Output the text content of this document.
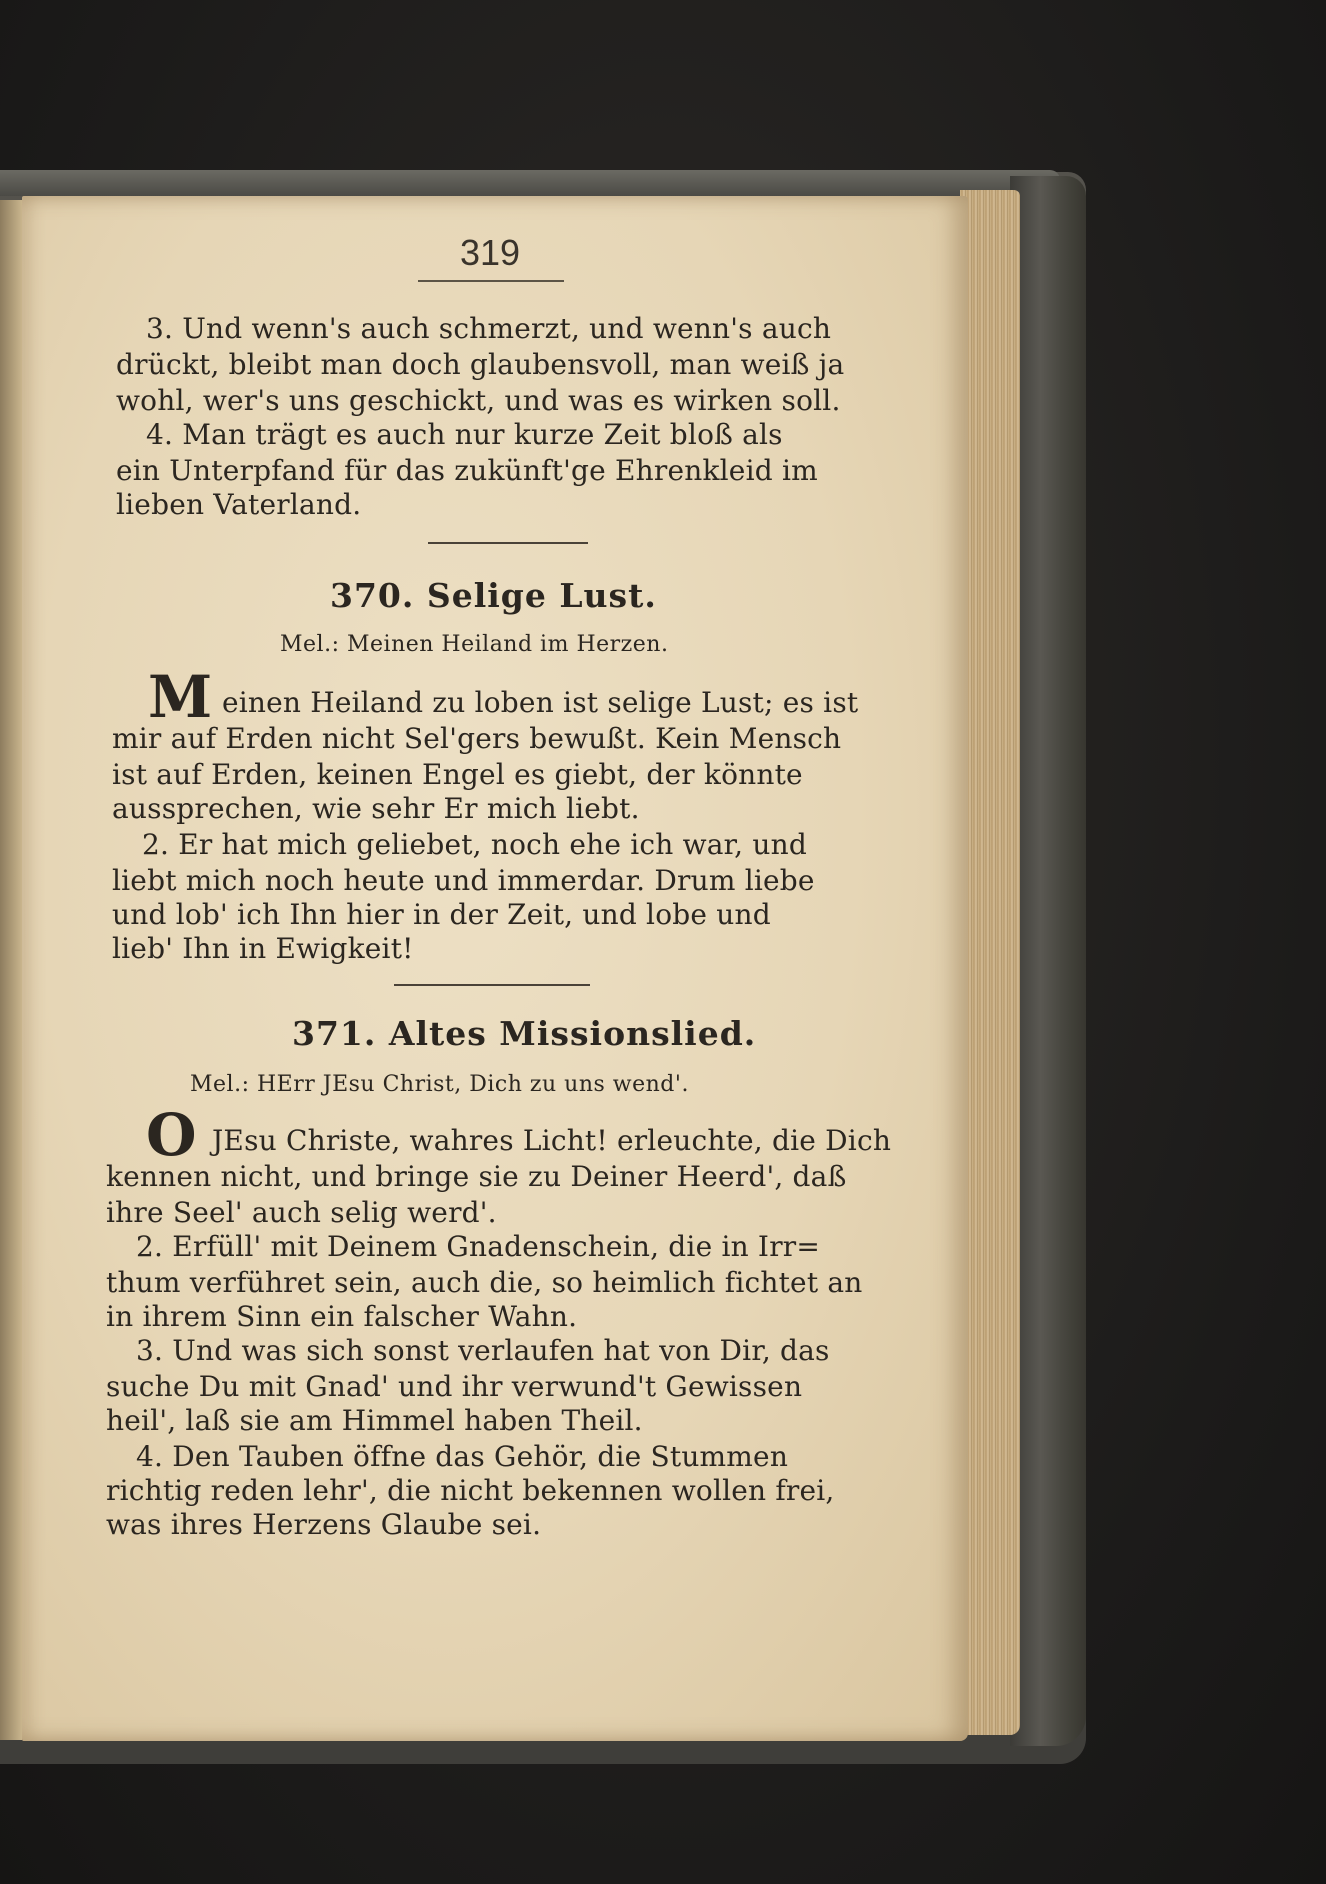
319
3. Und wenn's auch schmerzt, und wenn's auch
drückt, bleibt man doch glaubensvoll, man weiß ja
wohl, wer's uns geschickt, und was es wirken soll.
4. Man trägt es auch nur kurze Zeit bloß als
ein Unterpfand für das zukünft'ge Ehrenkleid im
lieben Vaterland.
370. Selige Lust.
Mel.: Meinen Heiland im Herzen.
M einen Heiland zu loben ist selige Lust; es ist
mir auf Erden nicht Sel'gers bewußt. Kein Mensch
ist auf Erden, keinen Engel es giebt, der könnte
aussprechen, wie sehr Er mich liebt.
2. Er hat mich geliebet, noch ehe ich war, und
liebt mich noch heute und immerdar. Drum liebe
und lob' ich Ihn hier in der Zeit, und lobe und
lieb' Ihn in Ewigkeit!
371. Altes Missionslied.
Mel.: HErr JEsu Christ, Dich zu uns wend'.
O JEsu Christe, wahres Licht! erleuchte, die Dich
kennen nicht, und bringe sie zu Deiner Heerd', daß
ihre Seel' auch selig werd'.
2. Erfüll' mit Deinem Gnadenschein, die in Irr=
thum verführet sein, auch die, so heimlich fichtet an
in ihrem Sinn ein falscher Wahn.
3. Und was sich sonst verlaufen hat von Dir, das
suche Du mit Gnad' und ihr verwund't Gewissen
heil', laß sie am Himmel haben Theil.
4. Den Tauben öffne das Gehör, die Stummen
richtig reden lehr', die nicht bekennen wollen frei,
was ihres Herzens Glaube sei.
